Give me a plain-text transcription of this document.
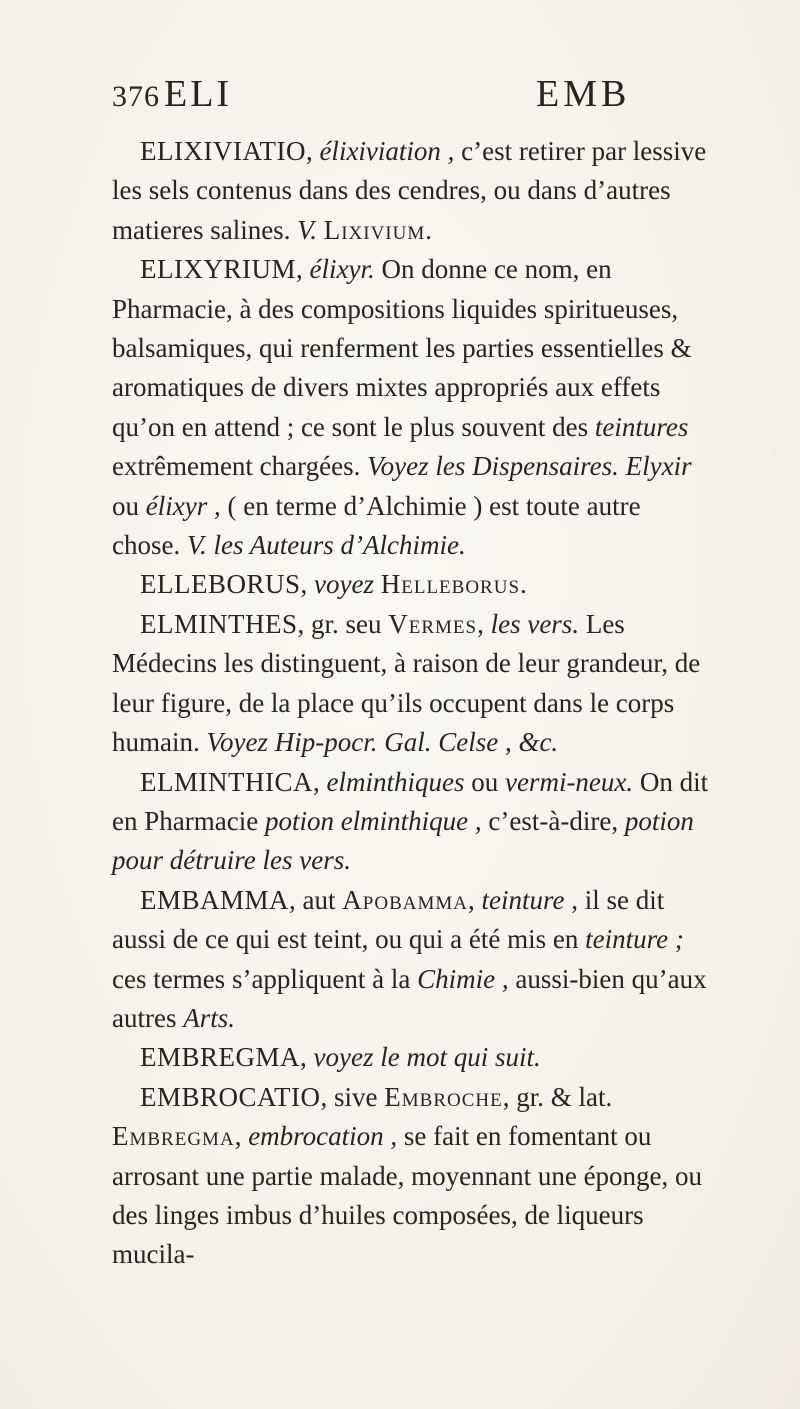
376 ELI	EMB

ELIXIVIATIO, élixiviation , c’est retirer par lessive les sels contenus dans des cendres, ou dans d’autres matieres salines. V. Lixivium.

ELIXYRIUM, élixyr. On donne ce nom, en Pharmacie, à des compositions liquides spiritueuses, balsamiques, qui renferment les parties essentielles & aromatiques de divers mixtes appropriés aux effets qu’on en attend ; ce sont le plus souvent des teintures extrêmement chargées. Voyez les Dispensaires. Elyxir ou élixyr , ( en terme d’Alchimie ) est toute autre chose. V. les Auteurs d’Alchimie.

ELLEBORUS, voyez Helleborus.

ELMINTHES, gr. seu Vermes, les vers. Les Médecins les distinguent, à raison de leur grandeur, de leur figure, de la place qu’ils occupent dans le corps humain. Voyez Hip-pocr. Gal. Celse , &c.

ELMINTHICA, elminthiques ou vermi-neux. On dit en Pharmacie potion elminthique , c’est-à-dire, potion pour détruire les vers.

EMBAMMA, aut Apobamma, teinture , il se dit aussi de ce qui est teint, ou qui a été mis en teinture ; ces termes s’appliquent à la Chimie , aussi-bien qu’aux autres Arts.

EMBREGMA, voyez le mot qui suit.

EMBROCATIO, sive Embroche, gr. & lat. Embregma, embrocation , se fait en fomentant ou arrosant une partie malade, moyennant une éponge, ou des linges imbus d’huiles composées, de liqueurs mucila-
